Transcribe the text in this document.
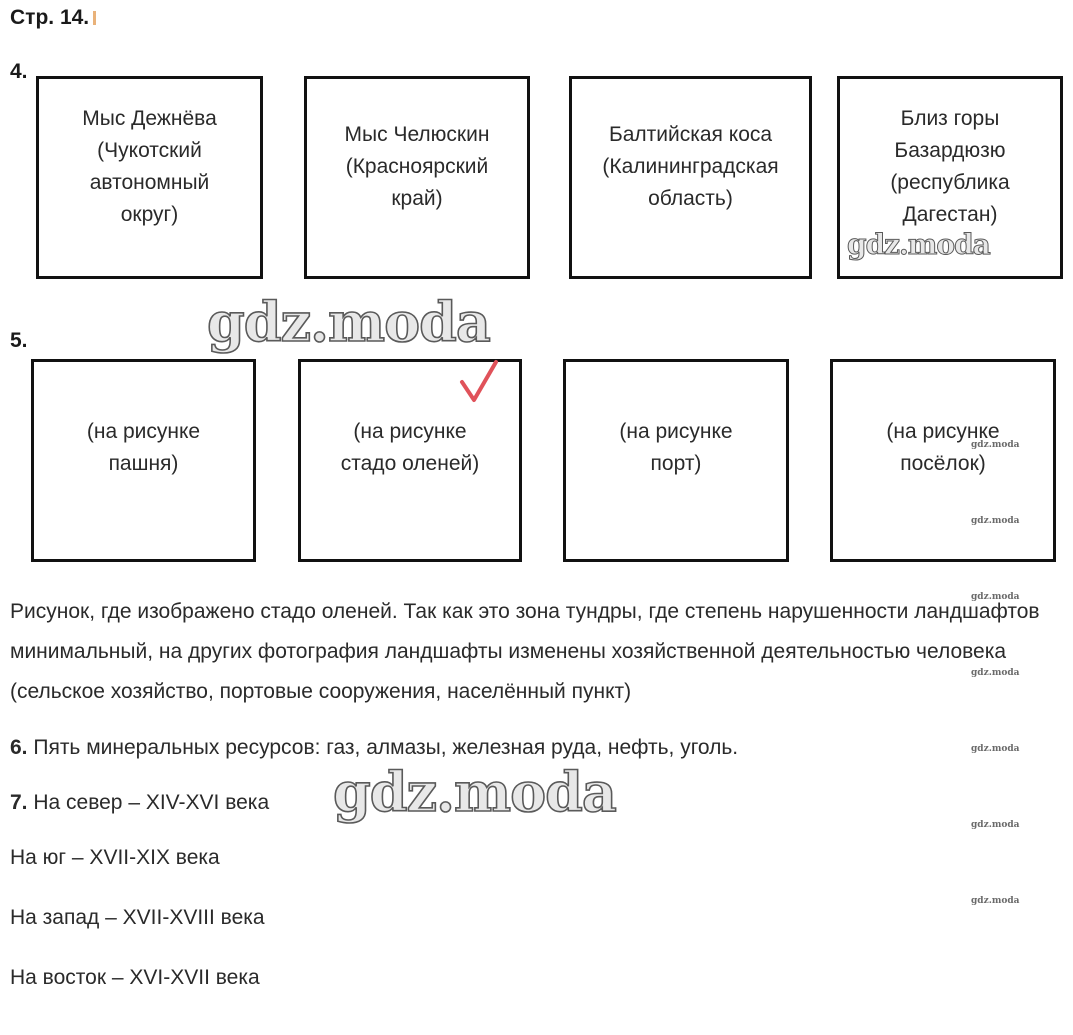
Стр. 14.
4.
Мыс Дежнёва
(Чукотский
автономный
округ)
Мыс Челюскин
(Красноярский
край)
Балтийская коса
(Калининградская
область)
Близ горы
Базардюзю
(республика
Дагестан)
5.
(на рисунке
пашня)
(на рисунке
стадо оленей)
(на рисунке
порт)
(на рисунке
посёлок)
Рисунок, где изображено стадо оленей. Так как это зона тундры, где степень нарушенности ландшафтов минимальный, на других фотография ландшафты изменены хозяйственной деятельностью человека (сельское хозяйство, портовые сооружения, населённый пункт)
6. Пять минеральных ресурсов: газ, алмазы, железная руда, нефть, уголь.
7. На север – XIV-XVI века
На юг – XVII-XIX века
На запад – XVII-XVIII века
На восток – XVI-XVII века
gdz.moda
gdz.moda
gdz.moda
gdz.moda
gdz.moda
gdz.moda
gdz.moda
gdz.moda
gdz.moda
gdz.moda
